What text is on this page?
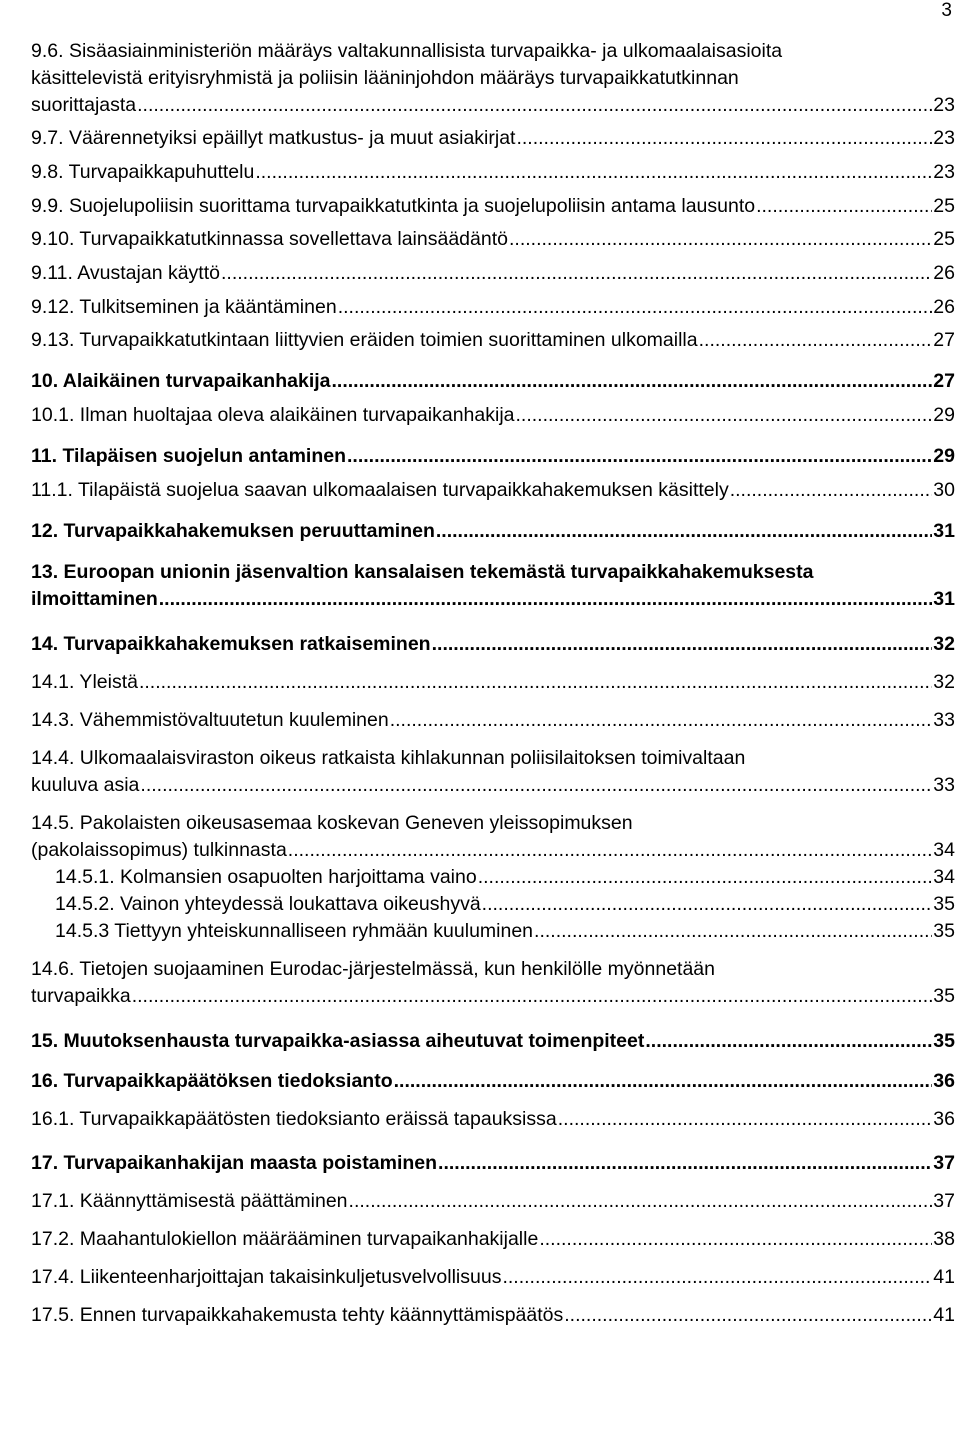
3
9.6. Sisäasiainministeriön määräys valtakunnallisista turvapaikka- ja ulkomaalaisasioita
käsittelevistä erityisryhmistä ja poliisin lääninjohdon määräys turvapaikkatutkinnan
suorittajasta .....	23
9.7. Väärennetyiksi epäillyt matkustus- ja muut asiakirjat .....	23
9.8. Turvapaikkapuhuttelu .....	23
9.9. Suojelupoliisin suorittama turvapaikkatutkinta ja suojelupoliisin antama lausunto .....	25
9.10. Turvapaikkatutkinnassa sovellettava lainsäädäntö .....	25
9.11. Avustajan käyttö .....	26
9.12. Tulkitseminen ja kääntäminen .....	26
9.13. Turvapaikkatutkintaan liittyvien eräiden toimien suorittaminen ulkomailla .....	27
10. Alaikäinen turvapaikanhakija .....	27
10.1. Ilman huoltajaa oleva alaikäinen turvapaikanhakija .....	29
11. Tilapäisen suojelun antaminen .....	29
11.1. Tilapäistä suojelua saavan ulkomaalaisen turvapaikkahakemuksen käsittely .....	30
12. Turvapaikkahakemuksen peruuttaminen .....	31
13. Euroopan unionin jäsenvaltion kansalaisen tekemästä turvapaikkahakemuksesta
ilmoittaminen .....	31
14. Turvapaikkahakemuksen ratkaiseminen .....	32
14.1. Yleistä .....	32
14.3. Vähemmistövaltuutetun kuuleminen .....	33
14.4. Ulkomaalaisviraston oikeus ratkaista kihlakunnan poliisilaitoksen toimivaltaan
kuuluva asia .....	33
14.5. Pakolaisten oikeusasemaa koskevan Geneven yleissopimuksen
(pakolaissopimus) tulkinnasta .....	34
14.5.1. Kolmansien osapuolten harjoittama vaino .....	34
14.5.2. Vainon yhteydessä loukattava oikeushyvä .....	35
14.5.3 Tiettyyn yhteiskunnalliseen ryhmään kuuluminen .....	35
14.6. Tietojen suojaaminen Eurodac-järjestelmässä, kun henkilölle myönnetään
turvapaikka .....	35
15. Muutoksenhausta turvapaikka-asiassa aiheutuvat toimenpiteet .....	35
16. Turvapaikkapäätöksen tiedoksianto .....	36
16.1. Turvapaikkapäätösten tiedoksianto eräissä tapauksissa .....	36
17. Turvapaikanhakijan maasta poistaminen .....	37
17.1. Käännyttämisestä päättäminen .....	37
17.2. Maahantulokiellon määrääminen turvapaikanhakijalle .....	38
17.4. Liikenteenharjoittajan takaisinkuljetusvelvollisuus .....	41
17.5. Ennen turvapaikkahakemusta tehty käännyttämispäätös .....	41
